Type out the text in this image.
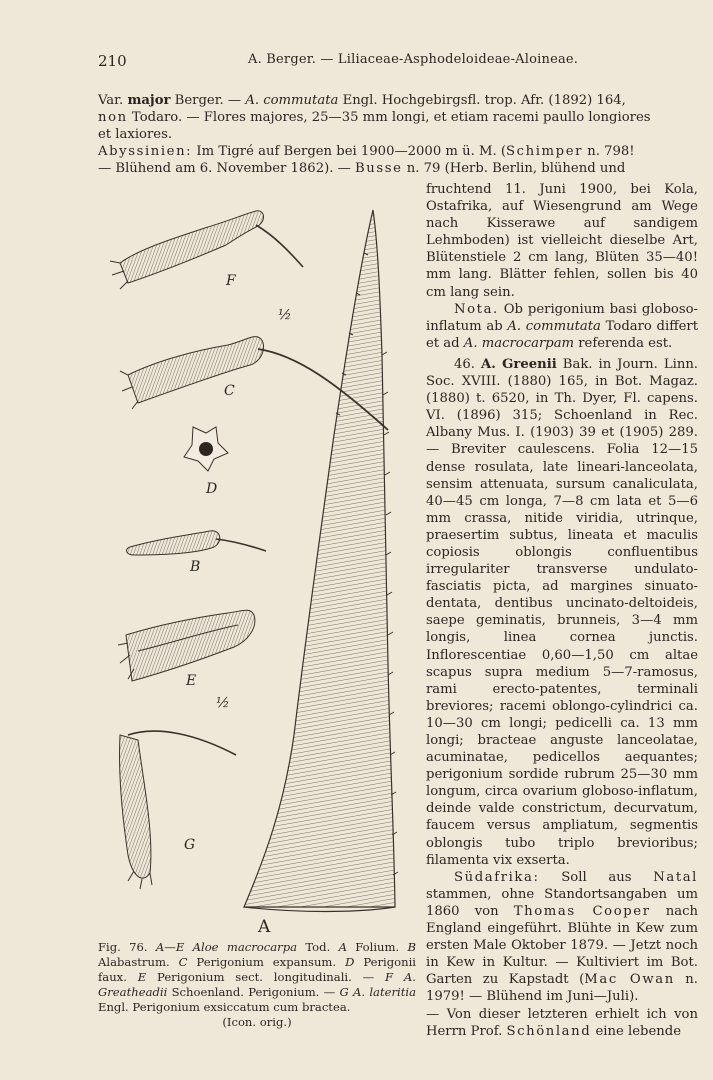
210	A. Berger. — Liliaceae-Asphodeloideae-Aloineae.

Var. major Berger. — A. commutata Engl. Hochgebirgsfl. trop. Afr. (1892) 164,

non Todaro. — Flores majores, 25—35 mm longi, et etiam racemi paullo longiores

et laxiores.

Abyssinien: Im Tigré auf Bergen bei 1900—2000 m ü. M. (Schimper n. 798!

— Blühend am 6. November 1862). — Busse n. 79 (Herb. Berlin, blühend und

fruchtend 11. Juni 1900, bei Kola, Ostafrika, auf Wiesengrund am Wege nach Kisserawe auf sandigem Lehmboden) ist vielleicht dieselbe Art, Blütenstiele 2 cm lang, Blüten 35—40! mm lang. Blätter fehlen, sollen bis 40 cm lang sein.

Nota. Ob perigonium basi globoso-inflatum ab A. commutata Todaro differt et ad A. macrocarpam referenda est.

46. A. Greenii Bak. in Journ. Linn. Soc. XVIII. (1880) 165, in Bot. Magaz. (1880) t. 6520, in Th. Dyer, Fl. capens. VI. (1896) 315; Schoenland in Rec. Albany Mus. I. (1903) 39 et (1905) 289. — Breviter caulescens. Folia 12—15 dense rosulata, late lineari-lanceolata, sensim attenuata, sursum canaliculata, 40—45 cm longa, 7—8 cm lata et 5—6 mm crassa, nitide viridia, utrinque, praesertim subtus, lineata et maculis copiosis oblongis confluentibus irregulariter transverse undulato-fasciatis picta, ad margines sinuato-dentata, dentibus uncinato-deltoideis, saepe geminatis, brunneis, 3—4 mm longis, linea cornea junctis. Inflorescentiae 0,60—1,50 cm altae scapus supra medium 5—7-ramosus, rami erecto-patentes, terminali breviores; racemi oblongo-cylindrici ca. 10—30 cm longi; pedicelli ca. 13 mm longi; bracteae anguste lanceolatae, acuminatae, pedicellos aequantes; perigonium sordide rubrum 25—30 mm longum, circa ovarium globoso-inflatum, deinde valde constrictum, decurvatum, faucem versus ampliatum, segmentis oblongis tubo triplo brevioribus; filamenta vix exserta.

Südafrika: Soll aus Natal stammen, ohne Standortsangaben um 1860 von Thomas Cooper nach England eingeführt. Blühte in Kew zum ersten Male Oktober 1879. — Jetzt noch in Kew in Kultur. — Kultiviert im Bot. Garten zu Kapstadt (Mac Owan n. 1979! — Blühend im Juni—Juli).

— Von dieser letzteren erhielt ich von Herrn Prof. Schönland eine lebende

F
½
C
D
B
E
½
G
A

Fig. 76. A—E Aloe macrocarpa Tod. A Folium. B Alabastrum. C Perigonium expansum. D Perigonii faux. E Perigonium sect. longitudinali. — F A. Greatheadii Schoenland. Perigonium. — G A. lateritia Engl. Perigonium exsiccatum cum bractea.

(Icon. orig.)
